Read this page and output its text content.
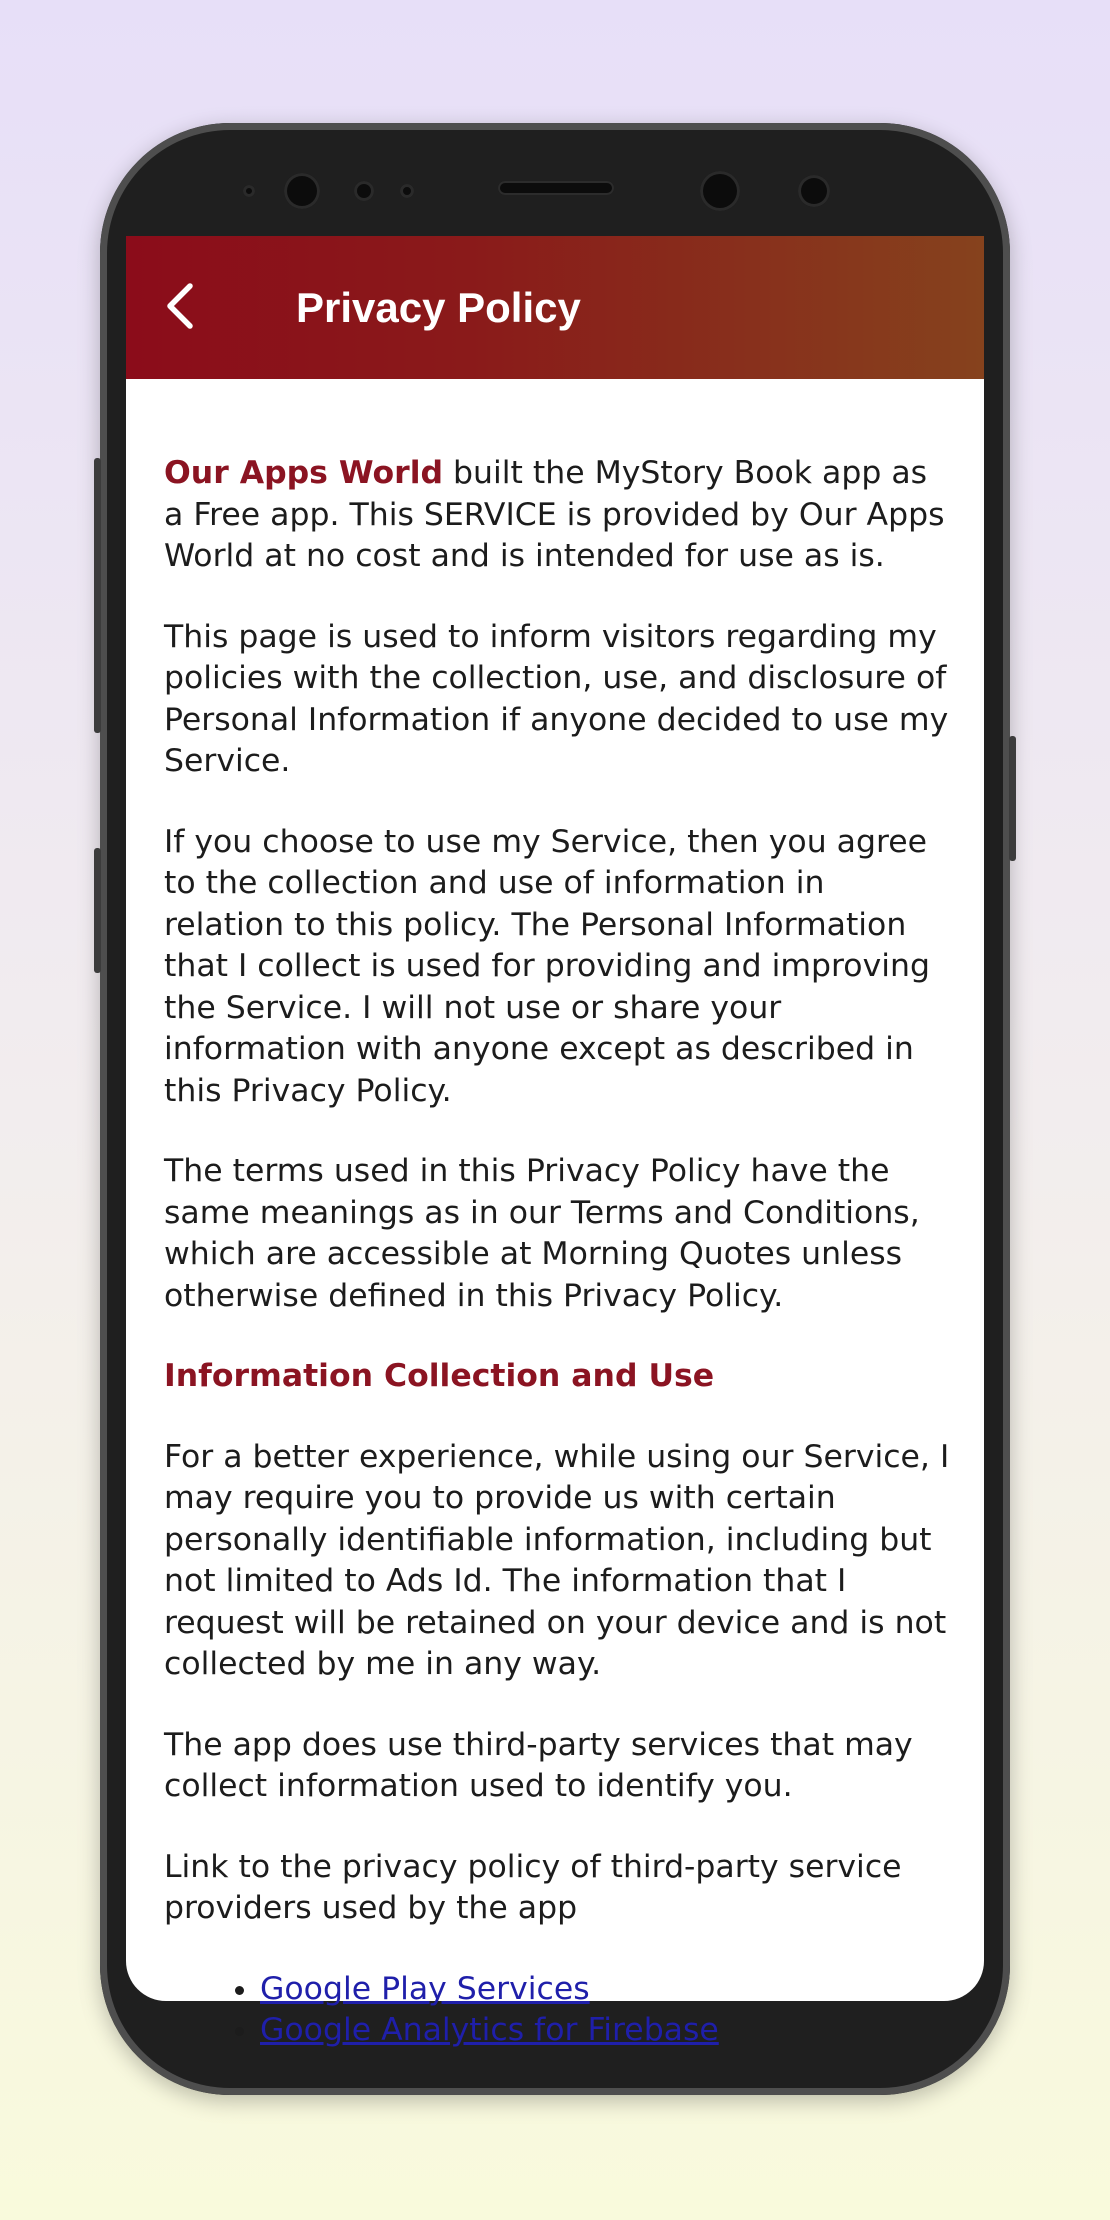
Privacy Policy

Our Apps World built the MyStory Book app as a Free app. This SERVICE is provided by Our Apps World at no cost and is intended for use as is.

This page is used to inform visitors regarding my policies with the collection, use, and disclosure of Personal Information if anyone decided to use my Service.

If you choose to use my Service, then you agree to the collection and use of information in relation to this policy. The Personal Information that I collect is used for providing and improving the Service. I will not use or share your information with anyone except as described in this Privacy Policy.

The terms used in this Privacy Policy have the same meanings as in our Terms and Conditions, which are accessible at Morning Quotes unless otherwise defined in this Privacy Policy.

Information Collection and Use

For a better experience, while using our Service, I may require you to provide us with certain personally identifiable information, including but not limited to Ads Id. The information that I request will be retained on your device and is not collected by me in any way.

The app does use third-party services that may collect information used to identify you.

Link to the privacy policy of third-party service providers used by the app

• Google Play Services
• Google Analytics for Firebase
